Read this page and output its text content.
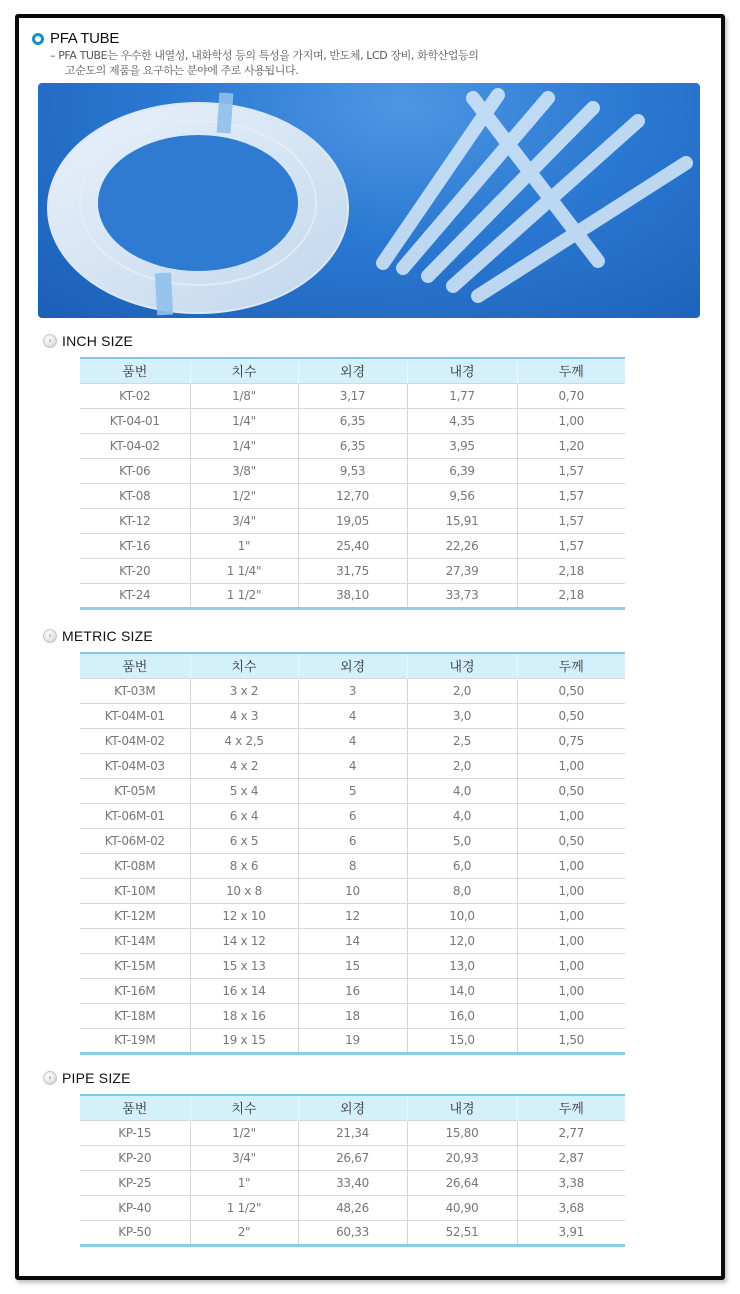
PFA TUBE
– PFA TUBE는 우수한 내열성, 내화학성 등의 특성을 가지며, 반도체, LCD 장비, 화학산업등의
고순도의 제품을 요구하는 분야에 주로 사용됩니다.
› INCH SIZE
품번	치수	외경	내경	두께
KT-02	1/8"	3,17	1,77	0,70
KT-04-01	1/4"	6,35	4,35	1,00
KT-04-02	1/4"	6,35	3,95	1,20
KT-06	3/8"	9,53	6,39	1,57
KT-08	1/2"	12,70	9,56	1,57
KT-12	3/4"	19,05	15,91	1,57
KT-16	1"	25,40	22,26	1,57
KT-20	1 1/4"	31,75	27,39	2,18
KT-24	1 1/2"	38,10	33,73	2,18
› METRIC SIZE
품번	치수	외경	내경	두께
KT-03M	3 x 2	3	2,0	0,50
KT-04M-01	4 x 3	4	3,0	0,50
KT-04M-02	4 x 2,5	4	2,5	0,75
KT-04M-03	4 x 2	4	2,0	1,00
KT-05M	5 x 4	5	4,0	0,50
KT-06M-01	6 x 4	6	4,0	1,00
KT-06M-02	6 x 5	6	5,0	0,50
KT-08M	8 x 6	8	6,0	1,00
KT-10M	10 x 8	10	8,0	1,00
KT-12M	12 x 10	12	10,0	1,00
KT-14M	14 x 12	14	12,0	1,00
KT-15M	15 x 13	15	13,0	1,00
KT-16M	16 x 14	16	14,0	1,00
KT-18M	18 x 16	18	16,0	1,00
KT-19M	19 x 15	19	15,0	1,50
› PIPE SIZE
품번	치수	외경	내경	두께
KP-15	1/2"	21,34	15,80	2,77
KP-20	3/4"	26,67	20,93	2,87
KP-25	1"	33,40	26,64	3,38
KP-40	1 1/2"	48,26	40,90	3,68
KP-50	2"	60,33	52,51	3,91
